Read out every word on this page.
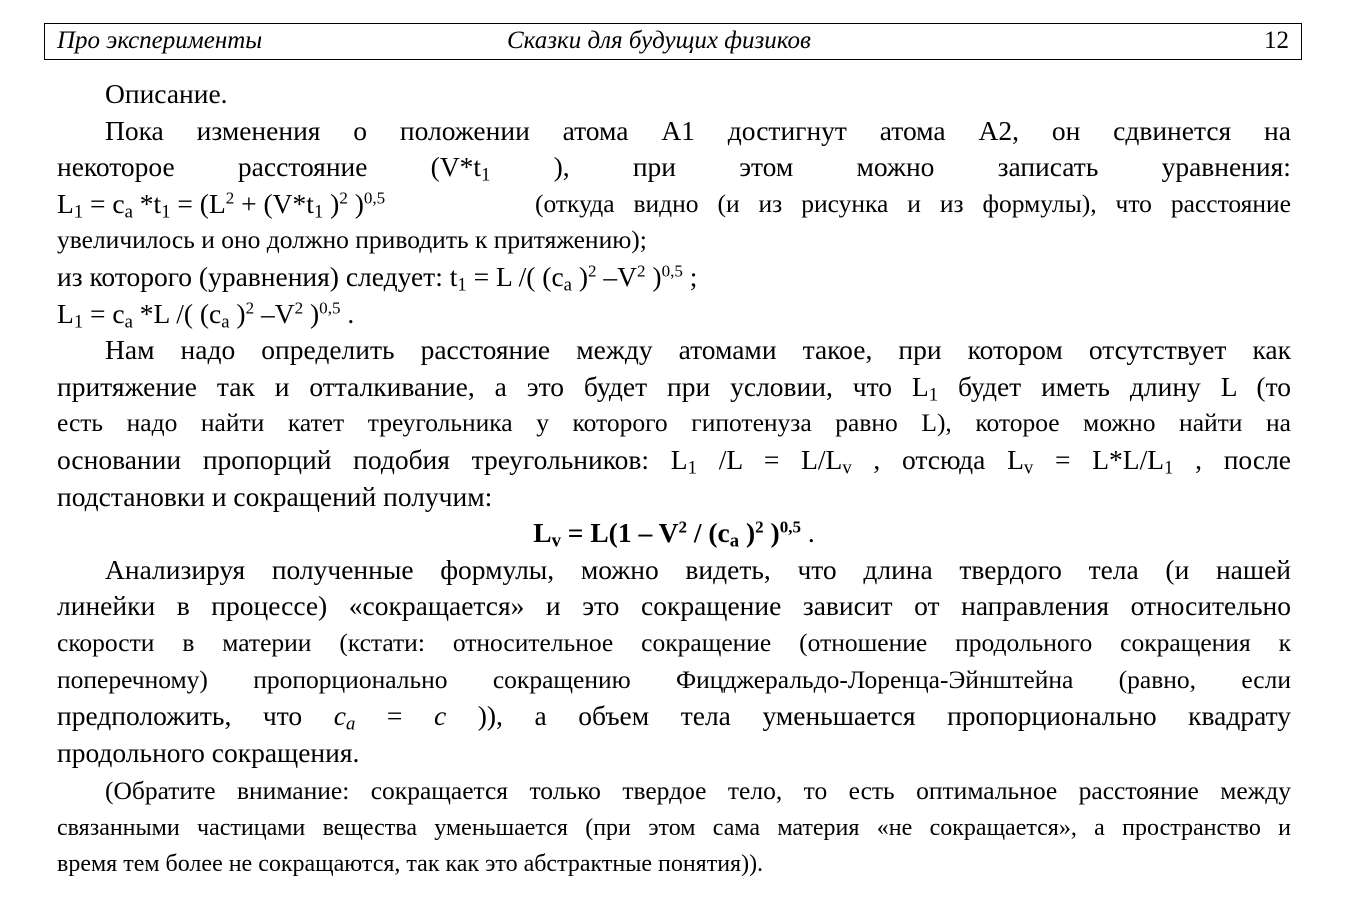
Про эксперименты	Сказки для будущих физиков	12
Описание.
Пока изменения о положении атома А1 достигнут атома А2, он сдвинется на
некоторое расстояние ($V*t_1$ ), при этом можно записать уравнения:
$L_1 = c_a$ $*t_1 = (L^2 + (V*t_1$ )$^2$ )$^{0,5}$	(откуда видно (и из рисунка и из формулы), что расстояние
увеличилось и оно должно приводить к притяжению);
из которого (уравнения) следует: $t_1 = L$ /( ($c_a$ )$^2$ $-V^2$ )$^{0,5}$ ;
$L_1 = c_a$ *L /( ($c_a$ )$^2$ $-V^2$ )$^{0,5}$ .
Нам надо определить расстояние между атомами такое, при котором отсутствует как
притяжение так и отталкивание, а это будет при условии, что $L_1$ будет иметь длину L (то
есть надо найти катет треугольника у которого гипотенуза равно L), которое можно найти на
основании пропорций подобия треугольников: $L_1$ $/L = L/L_v$ , отсюда $L_v = L*L/L_1$ , после
подстановки и сокращений получим:
$L_v = L(1 - V^2 / (c_a$ )$^2$ )$^{0,5}$ .
Анализируя полученные формулы, можно видеть, что длина твердого тела (и нашей
линейки в процессе) «сокращается» и это сокращение зависит от направления относительно
скорости в материи (кстати: относительное сокращение (отношение продольного сокращения к
поперечному) пропорционально сокращению Фицджеральдо-Лоренца-Эйнштейна (равно, если
предположить, что $c_a = c$ )), а объем тела уменьшается пропорционально квадрату
продольного сокращения.
(Обратите внимание: сокращается только твердое тело, то есть оптимальное расстояние между
связанными частицами вещества уменьшается (при этом сама материя «не сокращается», а пространство и
время тем более не сокращаются, так как это абстрактные понятия)).
